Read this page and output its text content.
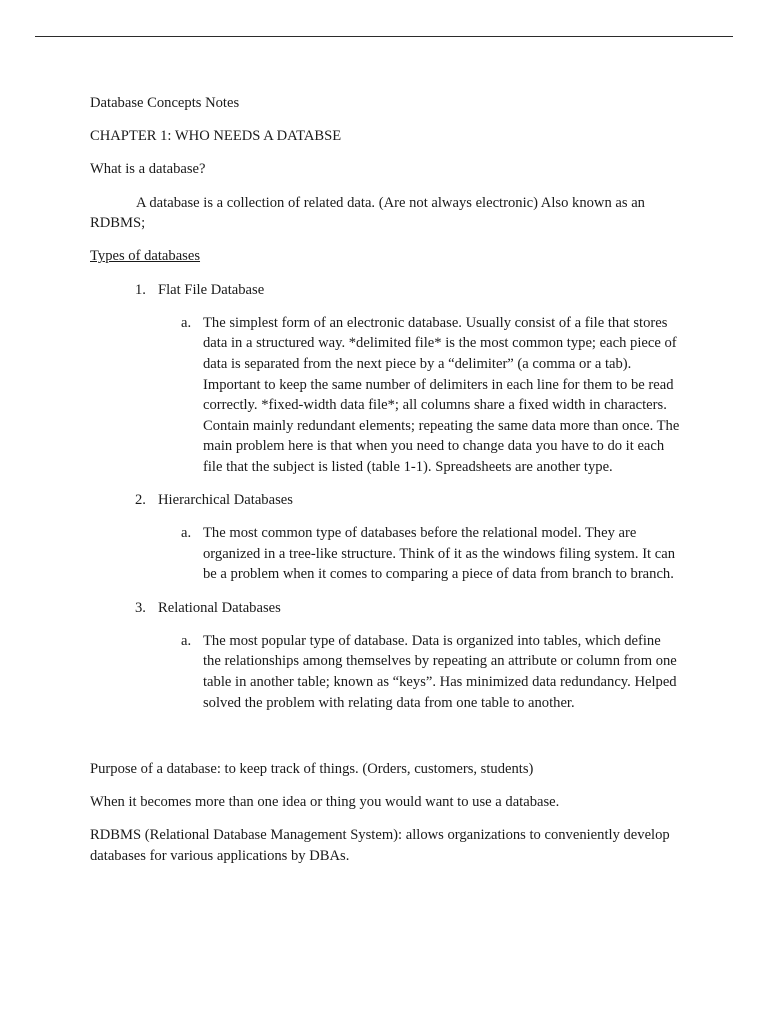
Database Concepts Notes

CHAPTER 1: WHO NEEDS A DATABSE

What is a database?

A database is a collection of related data. (Are not always electronic) Also known as an RDBMS;

Types of databases

1. Flat File Database
a. The simplest form of an electronic database. Usually consist of a file that stores data in a structured way. *delimited file* is the most common type; each piece of data is separated from the next piece by a “delimiter” (a comma or a tab). Important to keep the same number of delimiters in each line for them to be read correctly. *fixed-width data file*; all columns share a fixed width in characters. Contain mainly redundant elements; repeating the same data more than once. The main problem here is that when you need to change data you have to do it each file that the subject is listed (table 1-1). Spreadsheets are another type.
2. Hierarchical Databases
a. The most common type of databases before the relational model. They are organized in a tree-like structure. Think of it as the windows filing system. It can be a problem when it comes to comparing a piece of data from branch to branch.
3. Relational Databases
a. The most popular type of database. Data is organized into tables, which define the relationships among themselves by repeating an attribute or column from one table in another table; known as “keys”. Has minimized data redundancy. Helped solved the problem with relating data from one table to another.

Purpose of a database: to keep track of things. (Orders, customers, students)

When it becomes more than one idea or thing you would want to use a database.

RDBMS (Relational Database Management System): allows organizations to conveniently develop databases for various applications by DBAs.
